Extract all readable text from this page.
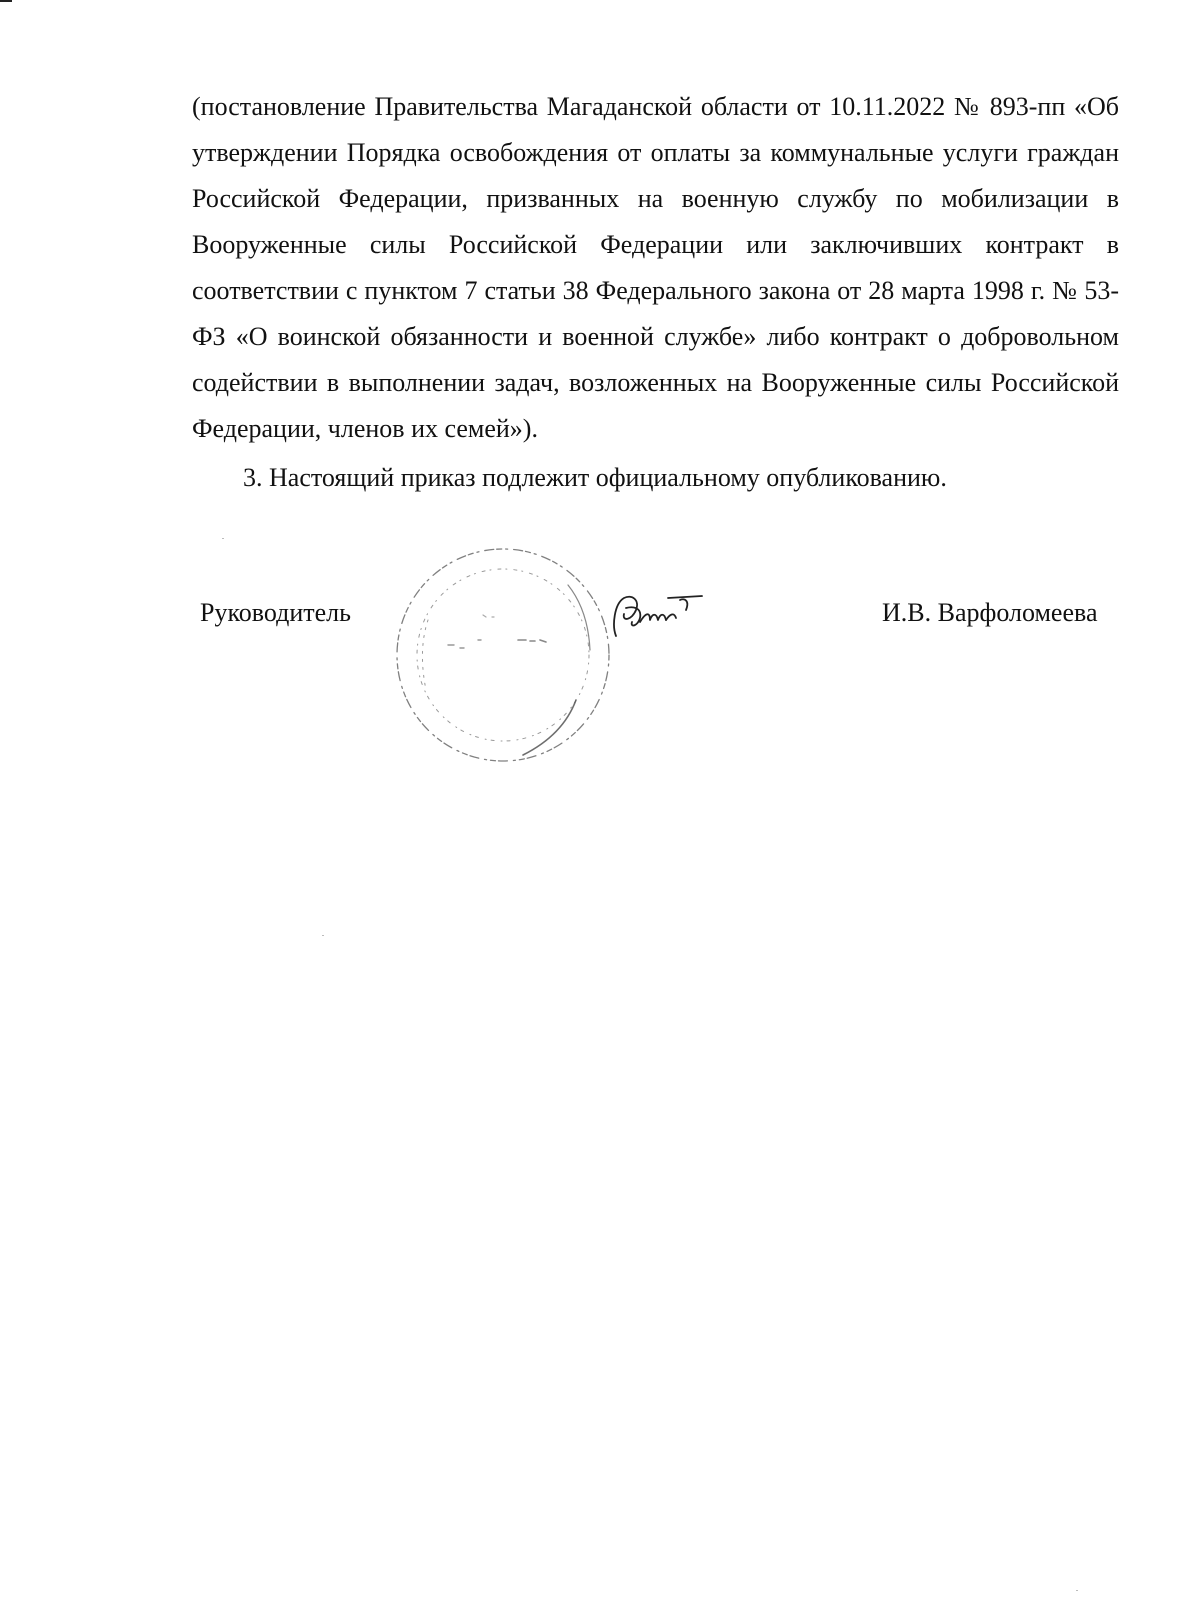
(постановление Правительства Магаданской области от 10.11.2022 № 893-пп «Об утверждении Порядка освобождения от оплаты за коммунальные услуги граждан Российской Федерации, призванных на военную службу по мобилизации в Вооруженные силы Российской Федерации или заключивших контракт в соответствии с пунктом 7 статьи 38 Федерального закона от 28 марта 1998 г. № 53-ФЗ «О воинской обязанности и военной службе» либо контракт о добровольном содействии в выполнении задач, возложенных на Вооруженные силы Российской Федерации, членов их семей»).

3. Настоящий приказ подлежит официальному опубликованию.

Руководитель	И.В. Варфоломеева
